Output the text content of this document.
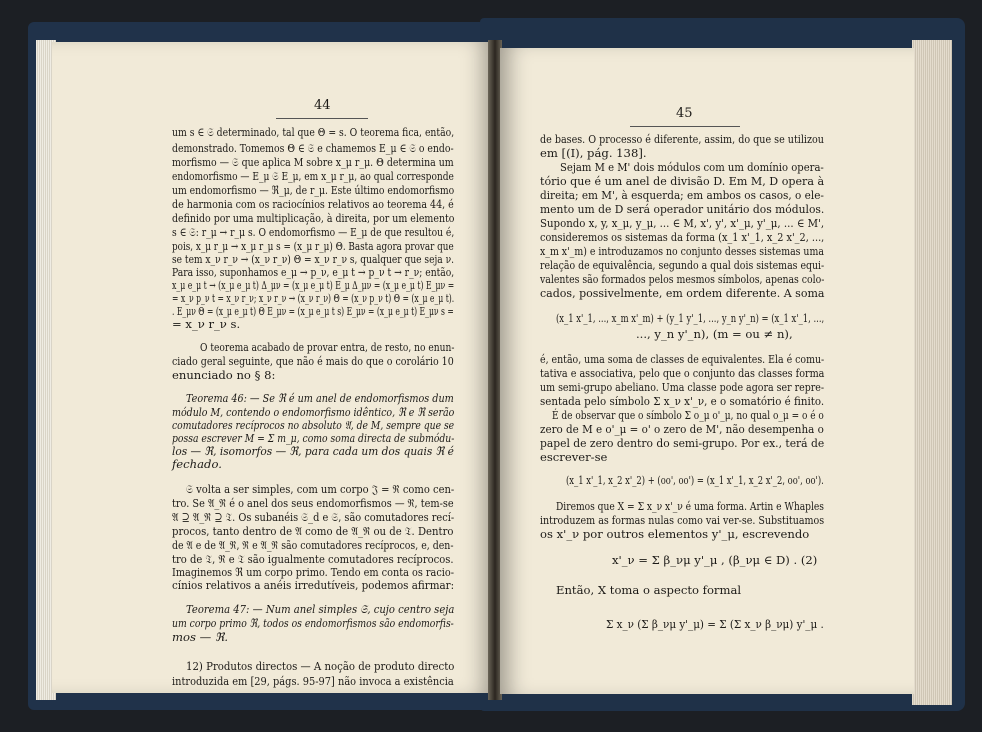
44
um s ∈ 𝔖 determinado, tal que Θ = s. O teorema fica, então,
demonstrado. Tomemos Θ ∈ 𝔖 e chamemos E_μ ∈ 𝔖 o endo-
morfismo — 𝔖 que aplica M sobre x_μ r_μ. Θ determina um
endomorfismo — E_μ 𝔖 E_μ, em x_μ r_μ, ao qual corresponde
um endomorfismo — ℜ_μ, de r_μ. Este último endomorfismo
de harmonia com os raciocínios relativos ao teorema 44, é
definido por uma multiplicação, à direita, por um elemento
s ∈ 𝔖: r_μ → r_μ s. O endomorfismo — E_μ de que resultou é,
pois, x_μ r_μ → x_μ r_μ s = (x_μ r_μ) Θ. Basta agora provar que
se tem x_ν r_ν → (x_ν r_ν) Θ = x_ν r_ν s, qualquer que seja ν.
Para isso, suponhamos e_μ → p_ν, e_μ t → p_ν t → r_ν; então,
x_μ e_μ t → (x_μ e_μ t) Δ_μν = (x_μ e_μ t) E_μ Δ_μν = (x_μ e_μ t) E_μν =
= x_ν p_ν t = x_ν r_ν; x_ν r_ν → (x_ν r_ν) Θ = (x_ν p_ν t) Θ = (x_μ e_μ t).
. E_μν Θ = (x_μ e_μ t) Θ E_μν = (x_μ e_μ t s) E_μν = (x_μ e_μ t) E_μν s =
= x_ν r_ν s.
O teorema acabado de provar entra, de resto, no enun-
ciado geral seguinte, que não é mais do que o corolário 10
enunciado no § 8:
Teorema 46: — Se ℜ é um anel de endomorfismos dum
módulo M, contendo o endomorfismo idêntico, ℜ e ℜ serão
comutadores recíprocos no absoluto 𝔄, de M, sempre que se
possa escrever M = Σ m_μ, como soma directa de submódu-
los — ℜ, isomorfos — ℜ, para cada um dos quais ℜ é
fechado.
𝔖 volta a ser simples, com um corpo 𝔍 = ℜ como cen-
tro. Se 𝔄_ℜ é o anel dos seus endomorfismos — ℜ, tem-se
𝔄 ⊇ 𝔄_ℜ ⊇ 𝔗. Os subanéis 𝔖_d e 𝔖, são comutadores recí-
procos, tanto dentro de 𝔄 como de 𝔄_ℜ ou de 𝔗. Dentro
de 𝔄 e de 𝔄_ℜ, ℜ e 𝔄_ℜ são comutadores recíprocos, e, den-
tro de 𝔗, ℜ e 𝔗 são igualmente comutadores recíprocos.
Imaginemos ℜ um corpo primo. Tendo em conta os racio-
cínios relativos a anéis irredutíveis, podemos afirmar:
Teorema 47: — Num anel simples 𝔖, cujo centro seja
um corpo primo ℜ, todos os endomorfismos são endomorfis-
mos — ℜ.
12) Produtos directos — A noção de produto directo
introduzida em [29, págs. 95-97] não invoca a existência
45
de bases. O processo é diferente, assim, do que se utilizou
em [(I), pág. 138].
Sejam M e M' dois módulos com um domínio opera-
tório que é um anel de divisão D. Em M, D opera à
direita; em M', à esquerda; em ambos os casos, o ele-
mento um de D será operador unitário dos módulos.
Supondo x, y, x_μ, y_μ, ... ∈ M, x', y', x'_μ, y'_μ, ... ∈ M',
consideremos os sistemas da forma (x_1 x'_1, x_2 x'_2, ...,
x_m x'_m) e introduzamos no conjunto desses sistemas uma
relação de equivalência, segundo a qual dois sistemas equi-
valentes são formados pelos mesmos símbolos, apenas colo-
cados, possivelmente, em ordem diferente. A soma
(x_1 x'_1, ..., x_m x'_m) + (y_1 y'_1, ..., y_n y'_n) = (x_1 x'_1, ...,
..., y_n y'_n), (m = ou ≠ n),
é, então, uma soma de classes de equivalentes. Ela é comu-
tativa e associativa, pelo que o conjunto das classes forma
um semi-grupo abeliano. Uma classe pode agora ser repre-
sentada pelo símbolo Σ x_ν x'_ν, e o somatório é finito.
É de observar que o símbolo Σ o_μ o'_μ, no qual o_μ = o é o
zero de M e o'_μ = o' o zero de M', não desempenha o
papel de zero dentro do semi-grupo. Por ex., terá de
escrever-se
(x_1 x'_1, x_2 x'_2) + (oo', oo') = (x_1 x'_1, x_2 x'_2, oo', oo').
Diremos que X = Σ x_ν x'_ν é uma forma. Artin e Whaples
introduzem as formas nulas como vai ver-se. Substituamos
os x'_ν por outros elementos y'_μ, escrevendo
x'_ν = Σ β_νμ y'_μ , (β_νμ ∈ D) . (2)
Então, X toma o aspecto formal
Σ x_ν (Σ β_νμ y'_μ) = Σ (Σ x_ν β_νμ) y'_μ .
